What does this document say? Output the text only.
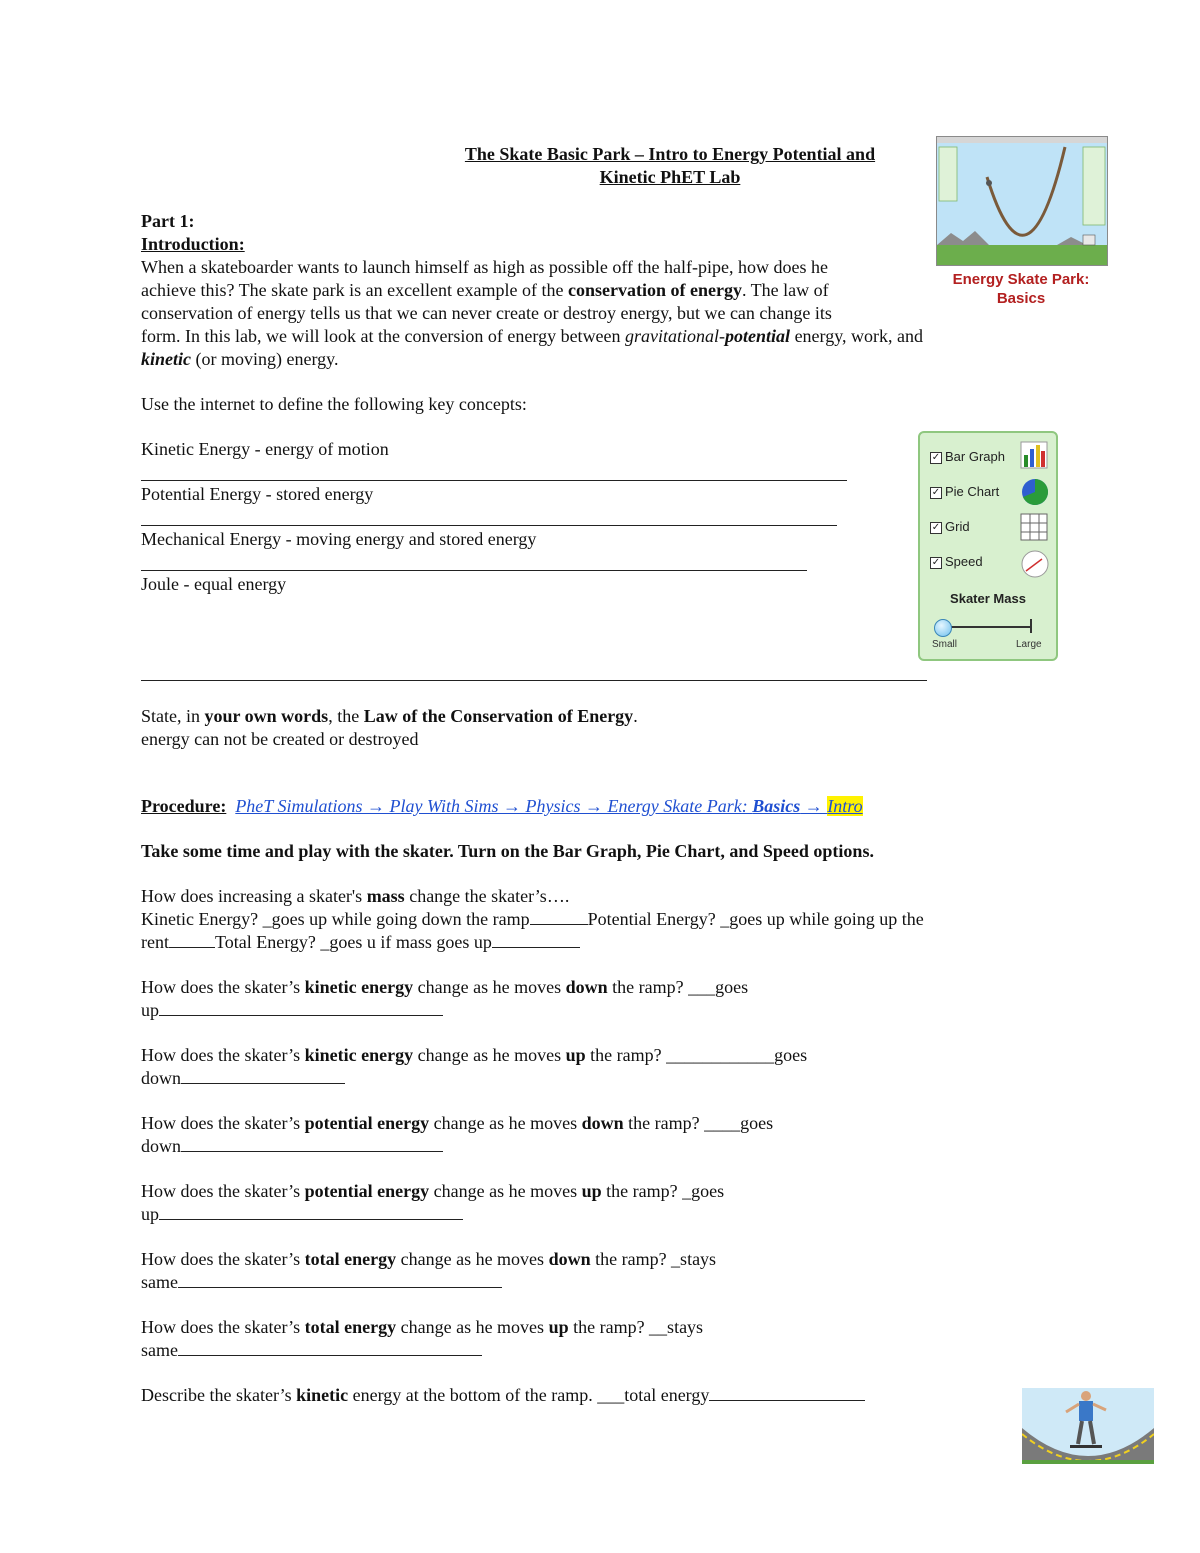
The Skate Basic Park – Intro to Energy Potential and
Kinetic PhET Lab
Energy Skate Park:
Basics
✓ Bar Graph
✓ Pie Chart
✓ Grid
✓ Speed
Skater Mass
Small	Large
Part 1:
Introduction:
When a skateboarder wants to launch himself as high as possible off the half-pipe, how does he
achieve this? The skate park is an excellent example of the conservation of energy. The law of
conservation of energy tells us that we can never create or destroy energy, but we can change its
form. In this lab, we will look at the conversion of energy between gravitational-potential energy, work, and
kinetic (or moving) energy.
Use the internet to define the following key concepts:
Kinetic Energy - energy of motion
Potential Energy - stored energy
Mechanical Energy - moving energy and stored energy
Joule - equal energy
State, in your own words, the Law of the Conservation of Energy.
energy can not be created or destroyed
Procedure: PheT Simulations → Play With Sims → Physics → Energy Skate Park: Basics → Intro
Take some time and play with the skater. Turn on the Bar Graph, Pie Chart, and Speed options.
How does increasing a skater's mass change the skater’s….
Kinetic Energy? _goes up while going down the ramp	Potential Energy? _goes up while going up the
rent	Total Energy? _goes u if mass goes up
How does the skater’s kinetic energy change as he moves down the ramp? ___goes
up
How does the skater’s kinetic energy change as he moves up the ramp? ____________goes
down
How does the skater’s potential energy change as he moves down the ramp? ____goes
down
How does the skater’s potential energy change as he moves up the ramp? _goes
up
How does the skater’s total energy change as he moves down the ramp? _stays
same
How does the skater’s total energy change as he moves up the ramp? __stays
same
Describe the skater’s kinetic energy at the bottom of the ramp. ___total energy
